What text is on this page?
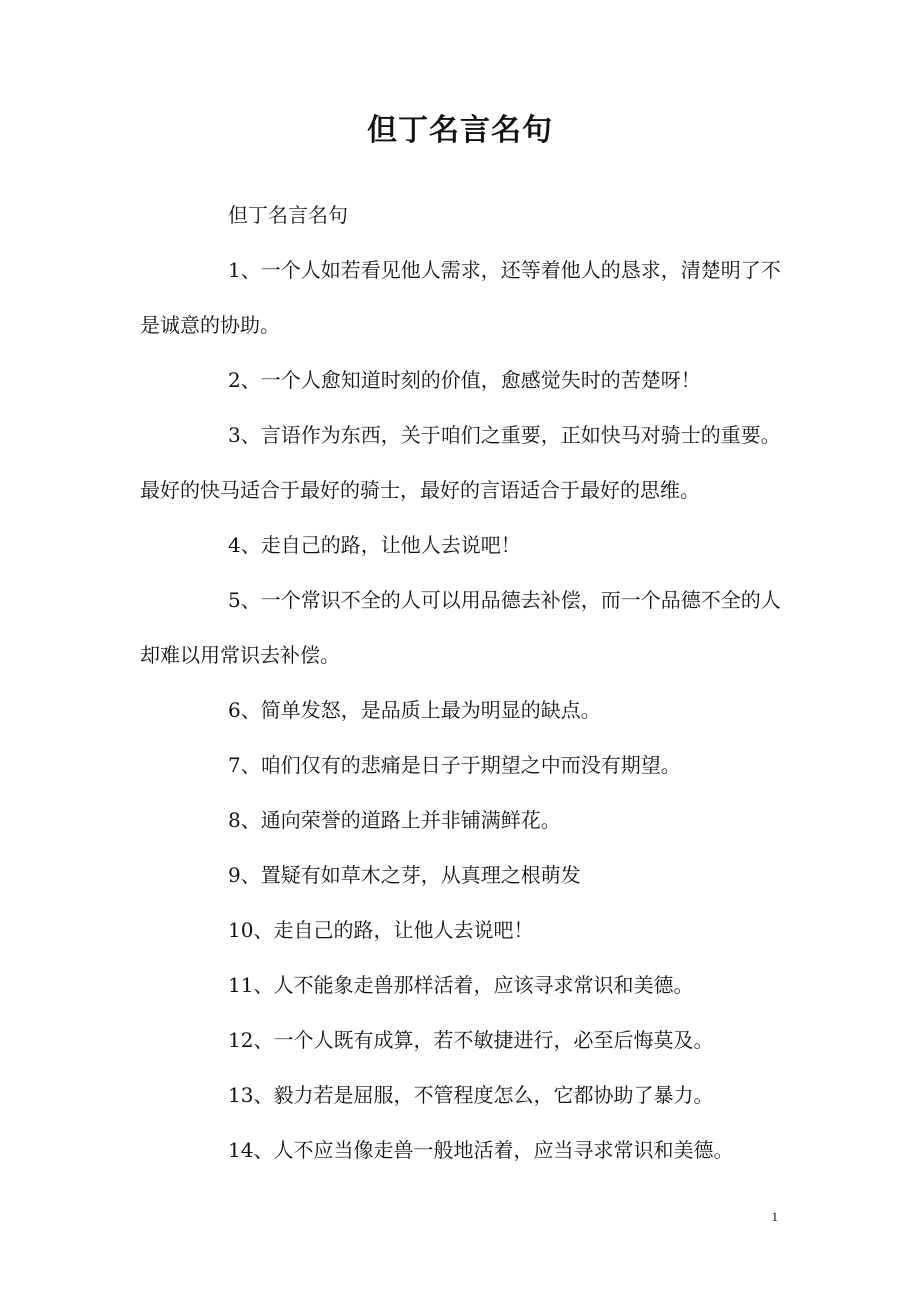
但丁名言名句

但丁名言名句

1、一个人如若看见他人需求，还等着他人的恳求，清楚明了不是诚意的协助。

2、一个人愈知道时刻的价值，愈感觉失时的苦楚呀！

3、言语作为东西，关于咱们之重要，正如快马对骑士的重要。最好的快马适合于最好的骑士，最好的言语适合于最好的思维。

4、走自己的路，让他人去说吧！

5、一个常识不全的人可以用品德去补偿，而一个品德不全的人却难以用常识去补偿。

6、简单发怒，是品质上最为明显的缺点。

7、咱们仅有的悲痛是日子于期望之中而没有期望。

8、通向荣誉的道路上并非铺满鲜花。

9、置疑有如草木之芽，从真理之根萌发

10、走自己的路，让他人去说吧！

11、人不能象走兽那样活着，应该寻求常识和美德。

12、一个人既有成算，若不敏捷进行，必至后悔莫及。

13、毅力若是屈服，不管程度怎么，它都协助了暴力。

14、人不应当像走兽一般地活着，应当寻求常识和美德。

1
